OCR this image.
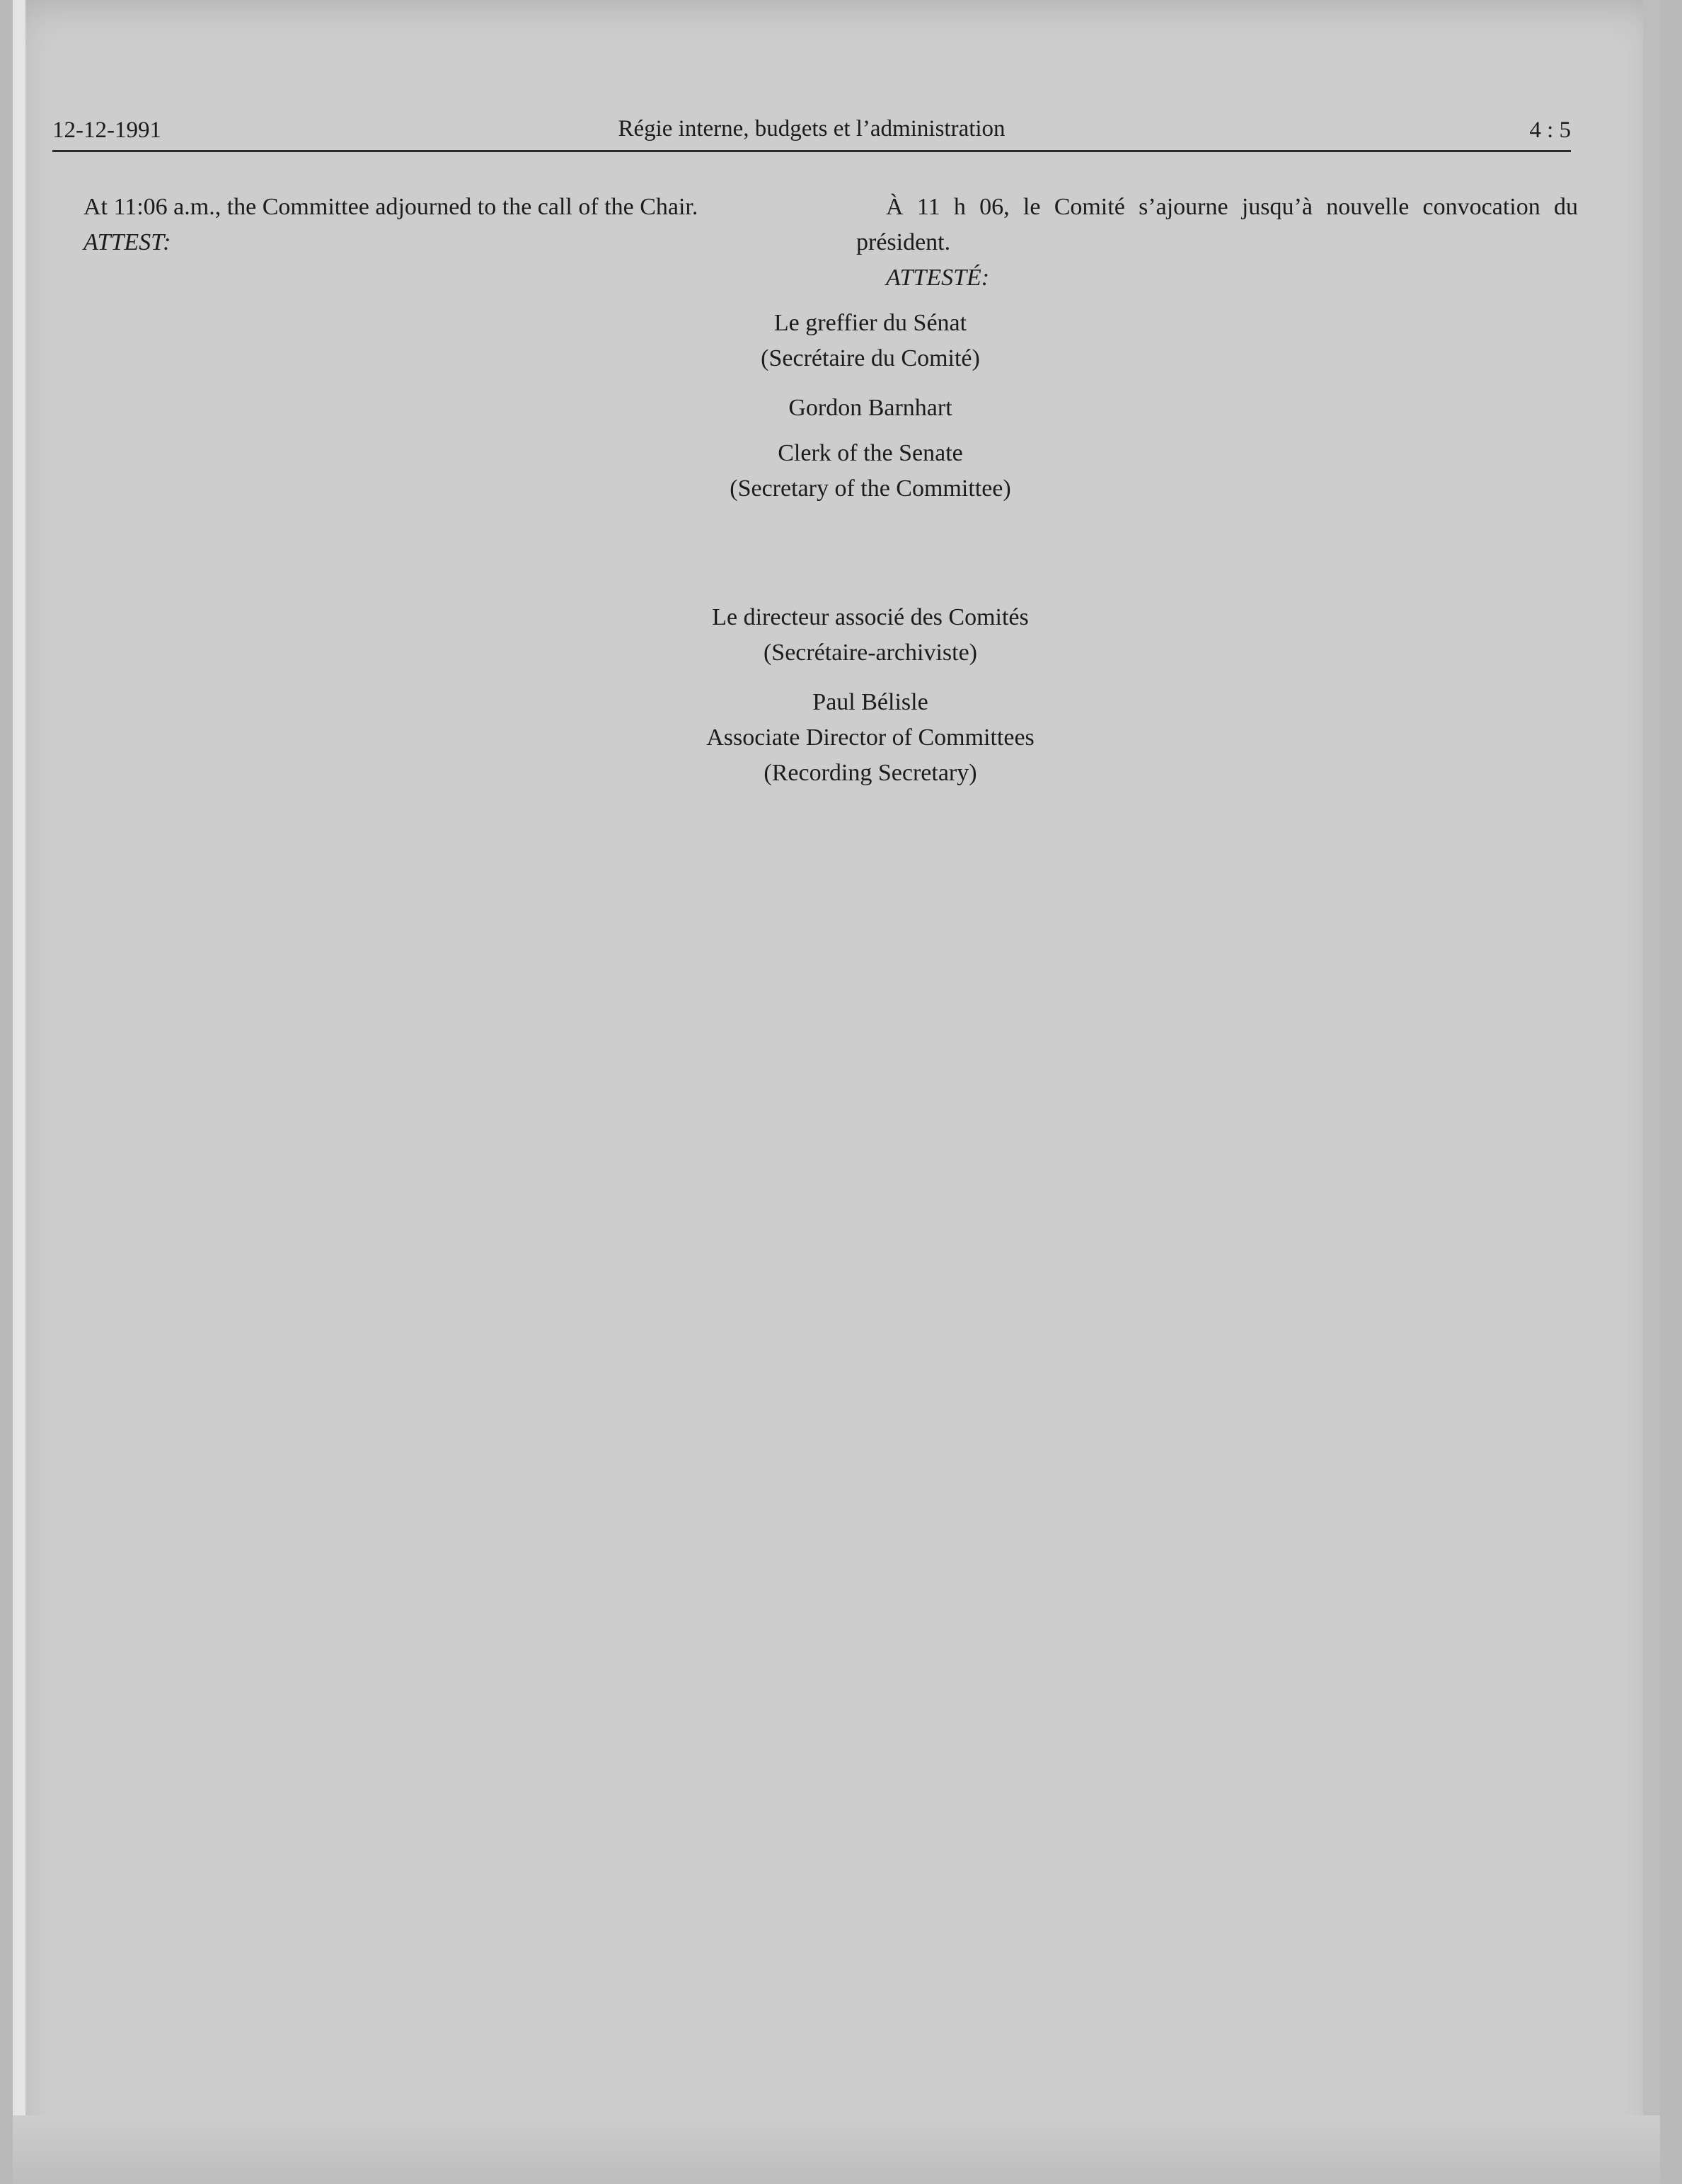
12-12-1991	Régie interne, budgets et l’administration	4 : 5

At 11:06 a.m., the Committee adjourned to the call of the Chair.

ATTEST:

À 11 h 06, le Comité s’ajourne jusqu’à nouvelle convocation du président.

ATTESTÉ:

Le greffier du Sénat

(Secrétaire du Comité)

Gordon Barnhart

Clerk of the Senate

(Secretary of the Committee)

Le directeur associé des Comités

(Secrétaire-archiviste)

Paul Bélisle

Associate Director of Committees

(Recording Secretary)
